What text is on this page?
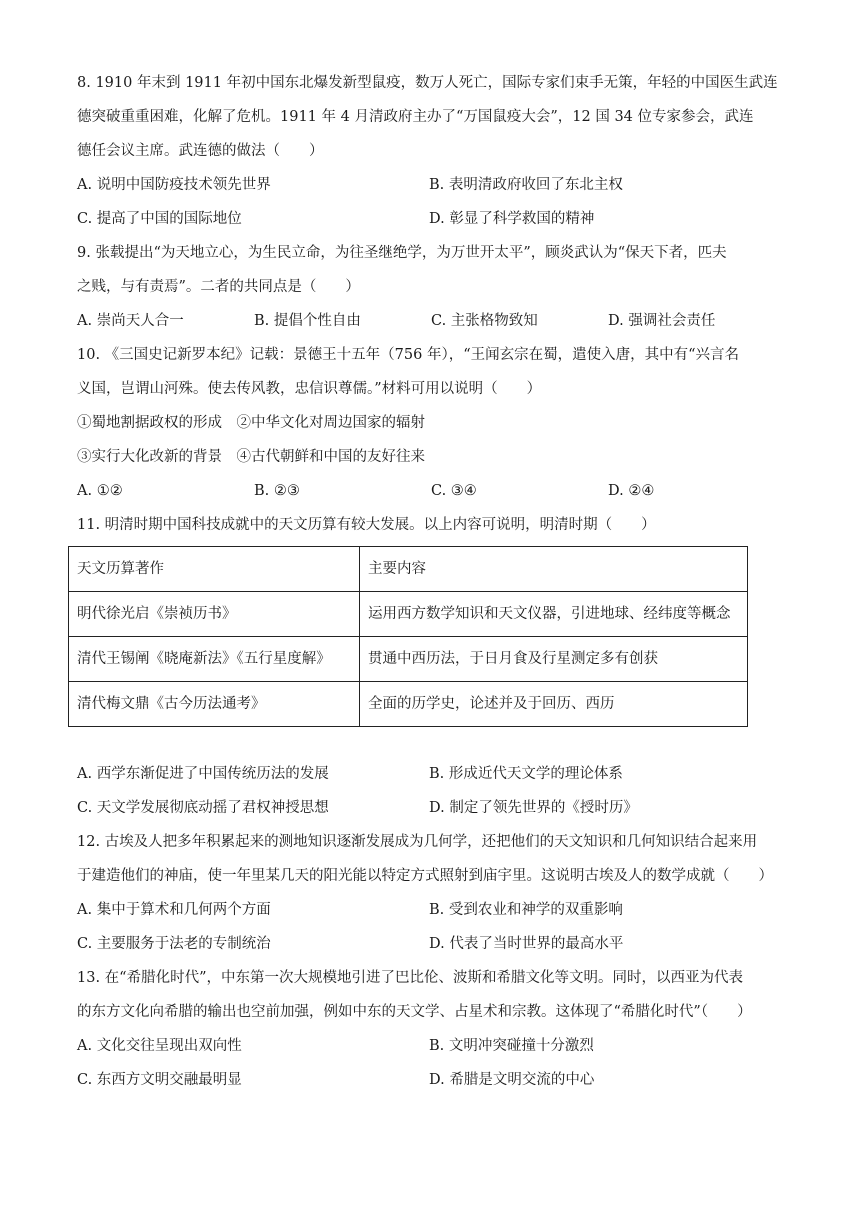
8. 1910 年末到 1911 年初中国东北爆发新型鼠疫，数万人死亡，国际专家们束手无策，年轻的中国医生武连
德突破重重困难，化解了危机。1911 年 4 月清政府主办了“万国鼠疫大会”，12 国 34 位专家参会，武连
德任会议主席。武连德的做法（　　）
A. 说明中国防疫技术领先世界	B. 表明清政府收回了东北主权
C. 提高了中国的国际地位	D. 彰显了科学救国的精神
9. 张载提出“为天地立心，为生民立命，为往圣继绝学，为万世开太平”，顾炎武认为“保天下者，匹夫
之贱，与有责焉”。二者的共同点是（　　）
A. 崇尚天人合一	B. 提倡个性自由	C. 主张格物致知	D. 强调社会责任
10. 《三国史记新罗本纪》记载：景德王十五年（756 年），“王闻玄宗在蜀，遣使入唐，其中有“兴言名
义国，岂谓山河殊。使去传风教，忠信识尊儒。”材料可用以说明（　　）
①蜀地割据政权的形成　②中华文化对周边国家的辐射
③实行大化改新的背景　④古代朝鲜和中国的友好往来
A. ①②	B. ②③	C. ③④	D. ②④
11. 明清时期中国科技成就中的天文历算有较大发展。以上内容可说明，明清时期（　　）
天文历算著作	主要内容
明代徐光启《崇祯历书》	运用西方数学知识和天文仪器，引进地球、经纬度等概念
清代王锡阐《晓庵新法》《五行星度解》	贯通中西历法，于日月食及行星测定多有创获
清代梅文鼎《古今历法通考》	全面的历学史，论述并及于回历、西历
A. 西学东渐促进了中国传统历法的发展	B. 形成近代天文学的理论体系
C. 天文学发展彻底动摇了君权神授思想	D. 制定了领先世界的《授时历》
12. 古埃及人把多年积累起来的测地知识逐渐发展成为几何学，还把他们的天文知识和几何知识结合起来用
于建造他们的神庙，使一年里某几天的阳光能以特定方式照射到庙宇里。这说明古埃及人的数学成就（　　）
A. 集中于算术和几何两个方面	B. 受到农业和神学的双重影响
C. 主要服务于法老的专制统治	D. 代表了当时世界的最高水平
13. 在“希腊化时代”，中东第一次大规模地引进了巴比伦、波斯和希腊文化等文明。同时，以西亚为代表
的东方文化向希腊的输出也空前加强，例如中东的天文学、占星术和宗教。这体现了“希腊化时代”（　　）
A. 文化交往呈现出双向性	B. 文明冲突碰撞十分激烈
C. 东西方文明交融最明显	D. 希腊是文明交流的中心
